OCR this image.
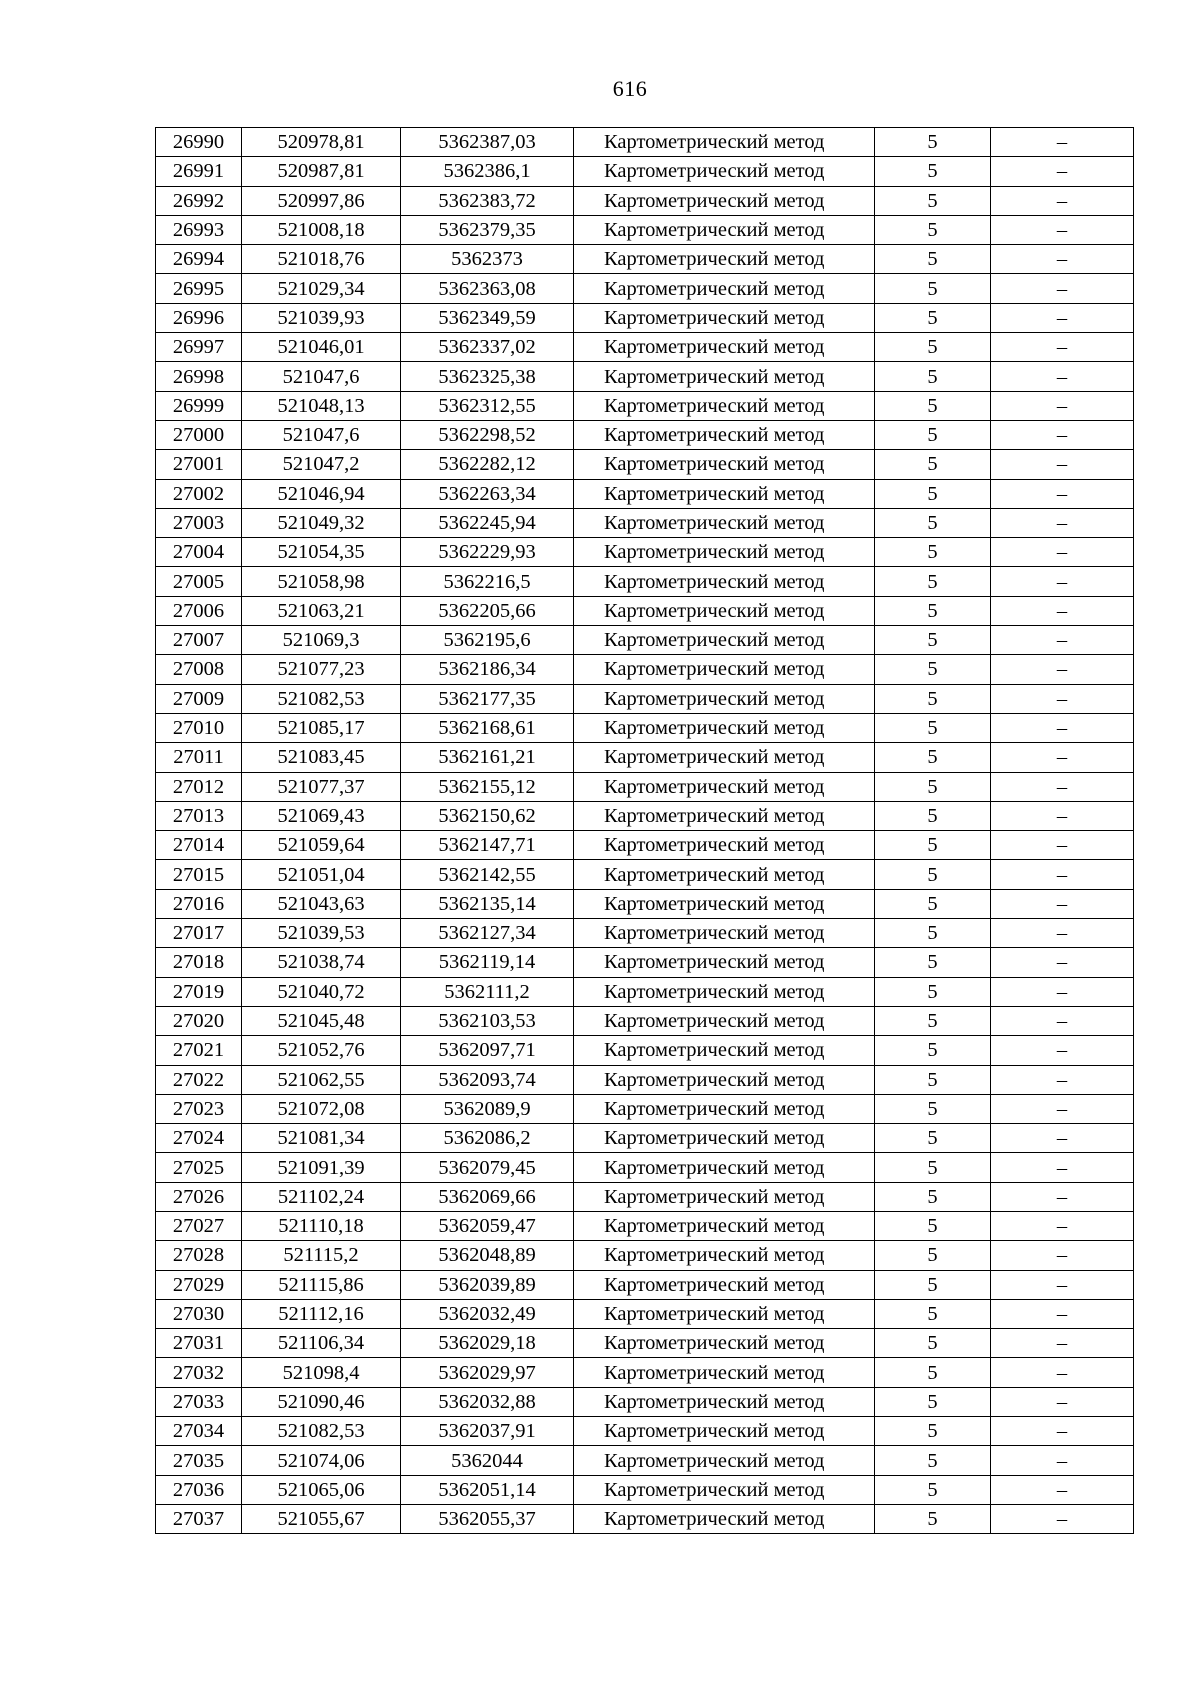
616
26990	520978,81	5362387,03	Картометрический метод	5	–
26991	520987,81	5362386,1	Картометрический метод	5	–
26992	520997,86	5362383,72	Картометрический метод	5	–
26993	521008,18	5362379,35	Картометрический метод	5	–
26994	521018,76	5362373	Картометрический метод	5	–
26995	521029,34	5362363,08	Картометрический метод	5	–
26996	521039,93	5362349,59	Картометрический метод	5	–
26997	521046,01	5362337,02	Картометрический метод	5	–
26998	521047,6	5362325,38	Картометрический метод	5	–
26999	521048,13	5362312,55	Картометрический метод	5	–
27000	521047,6	5362298,52	Картометрический метод	5	–
27001	521047,2	5362282,12	Картометрический метод	5	–
27002	521046,94	5362263,34	Картометрический метод	5	–
27003	521049,32	5362245,94	Картометрический метод	5	–
27004	521054,35	5362229,93	Картометрический метод	5	–
27005	521058,98	5362216,5	Картометрический метод	5	–
27006	521063,21	5362205,66	Картометрический метод	5	–
27007	521069,3	5362195,6	Картометрический метод	5	–
27008	521077,23	5362186,34	Картометрический метод	5	–
27009	521082,53	5362177,35	Картометрический метод	5	–
27010	521085,17	5362168,61	Картометрический метод	5	–
27011	521083,45	5362161,21	Картометрический метод	5	–
27012	521077,37	5362155,12	Картометрический метод	5	–
27013	521069,43	5362150,62	Картометрический метод	5	–
27014	521059,64	5362147,71	Картометрический метод	5	–
27015	521051,04	5362142,55	Картометрический метод	5	–
27016	521043,63	5362135,14	Картометрический метод	5	–
27017	521039,53	5362127,34	Картометрический метод	5	–
27018	521038,74	5362119,14	Картометрический метод	5	–
27019	521040,72	5362111,2	Картометрический метод	5	–
27020	521045,48	5362103,53	Картометрический метод	5	–
27021	521052,76	5362097,71	Картометрический метод	5	–
27022	521062,55	5362093,74	Картометрический метод	5	–
27023	521072,08	5362089,9	Картометрический метод	5	–
27024	521081,34	5362086,2	Картометрический метод	5	–
27025	521091,39	5362079,45	Картометрический метод	5	–
27026	521102,24	5362069,66	Картометрический метод	5	–
27027	521110,18	5362059,47	Картометрический метод	5	–
27028	521115,2	5362048,89	Картометрический метод	5	–
27029	521115,86	5362039,89	Картометрический метод	5	–
27030	521112,16	5362032,49	Картометрический метод	5	–
27031	521106,34	5362029,18	Картометрический метод	5	–
27032	521098,4	5362029,97	Картометрический метод	5	–
27033	521090,46	5362032,88	Картометрический метод	5	–
27034	521082,53	5362037,91	Картометрический метод	5	–
27035	521074,06	5362044	Картометрический метод	5	–
27036	521065,06	5362051,14	Картометрический метод	5	–
27037	521055,67	5362055,37	Картометрический метод	5	–
